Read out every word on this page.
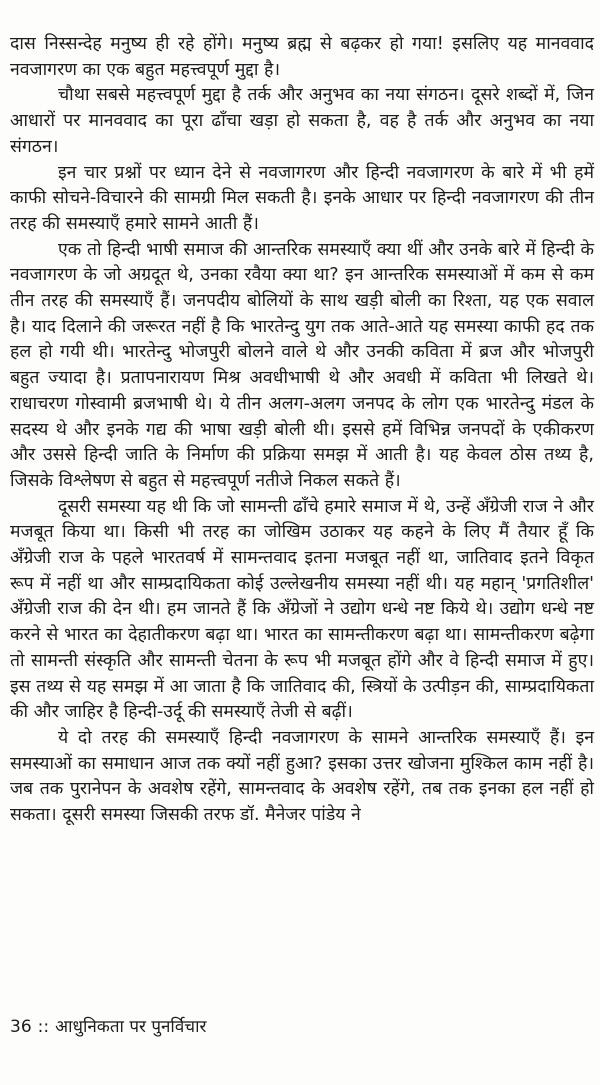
दास निस्सन्देह मनुष्य ही रहे होंगे। मनुष्य ब्रह्म से बढ़कर हो गया! इसलिए यह मानववाद नवजागरण का एक बहुत महत्त्वपूर्ण मुद्दा है।

चौथा सबसे महत्त्वपूर्ण मुद्दा है तर्क और अनुभव का नया संगठन। दूसरे शब्दों में, जिन आधारों पर मानववाद का पूरा ढाँचा खड़ा हो सकता है, वह है तर्क और अनुभव का नया संगठन।

इन चार प्रश्नों पर ध्यान देने से नवजागरण और हिन्दी नवजागरण के बारे में भी हमें काफी सोचने-विचारने की सामग्री मिल सकती है। इनके आधार पर हिन्दी नवजागरण की तीन तरह की समस्याएँ हमारे सामने आती हैं।

एक तो हिन्दी भाषी समाज की आन्तरिक समस्याएँ क्या थीं और उनके बारे में हिन्दी के नवजागरण के जो अग्रदूत थे, उनका रवैया क्या था? इन आन्तरिक समस्याओं में कम से कम तीन तरह की समस्याएँ हैं। जनपदीय बोलियों के साथ खड़ी बोली का रिश्ता, यह एक सवाल है। याद दिलाने की जरूरत नहीं है कि भारतेन्दु युग तक आते-आते यह समस्या काफी हद तक हल हो गयी थी। भारतेन्दु भोजपुरी बोलने वाले थे और उनकी कविता में ब्रज और भोजपुरी बहुत ज्यादा है। प्रतापनारायण मिश्र अवधीभाषी थे और अवधी में कविता भी लिखते थे। राधाचरण गोस्वामी ब्रजभाषी थे। ये तीन अलग-अलग जनपद के लोग एक भारतेन्दु मंडल के सदस्य थे और इनके गद्य की भाषा खड़ी बोली थी। इससे हमें विभिन्न जनपदों के एकीकरण और उससे हिन्दी जाति के निर्माण की प्रक्रिया समझ में आती है। यह केवल ठोस तथ्य है, जिसके विश्लेषण से बहुत से महत्त्वपूर्ण नतीजे निकल सकते हैं।

दूसरी समस्या यह थी कि जो सामन्ती ढाँचे हमारे समाज में थे, उन्हें अँग्रेजी राज ने और मजबूत किया था। किसी भी तरह का जोखिम उठाकर यह कहने के लिए मैं तैयार हूँ कि अँग्रेजी राज के पहले भारतवर्ष में सामन्तवाद इतना मजबूत नहीं था, जातिवाद इतने विकृत रूप में नहीं था और साम्प्रदायिकता कोई उल्लेखनीय समस्या नहीं थी। यह महान् 'प्रगतिशील' अँग्रेजी राज की देन थी। हम जानते हैं कि अँग्रेजों ने उद्योग धन्धे नष्ट किये थे। उद्योग धन्धे नष्ट करने से भारत का देहातीकरण बढ़ा था। भारत का सामन्तीकरण बढ़ा था। सामन्तीकरण बढ़ेगा तो सामन्ती संस्कृति और सामन्ती चेतना के रूप भी मजबूत होंगे और वे हिन्दी समाज में हुए। इस तथ्य से यह समझ में आ जाता है कि जातिवाद की, स्त्रियों के उत्पीड़न की, साम्प्रदायिकता की और जाहिर है हिन्दी-उर्दू की समस्याएँ तेजी से बढ़ीं।

ये दो तरह की समस्याएँ हिन्दी नवजागरण के सामने आन्तरिक समस्याएँ हैं। इन समस्याओं का समाधान आज तक क्यों नहीं हुआ? इसका उत्तर खोजना मुश्किल काम नहीं है। जब तक पुरानेपन के अवशेष रहेंगे, सामन्तवाद के अवशेष रहेंगे, तब तक इनका हल नहीं हो सकता। दूसरी समस्या जिसकी तरफ डॉ. मैनेजर पांडेय ने

36 :: आधुनिकता पर पुनर्विचार
